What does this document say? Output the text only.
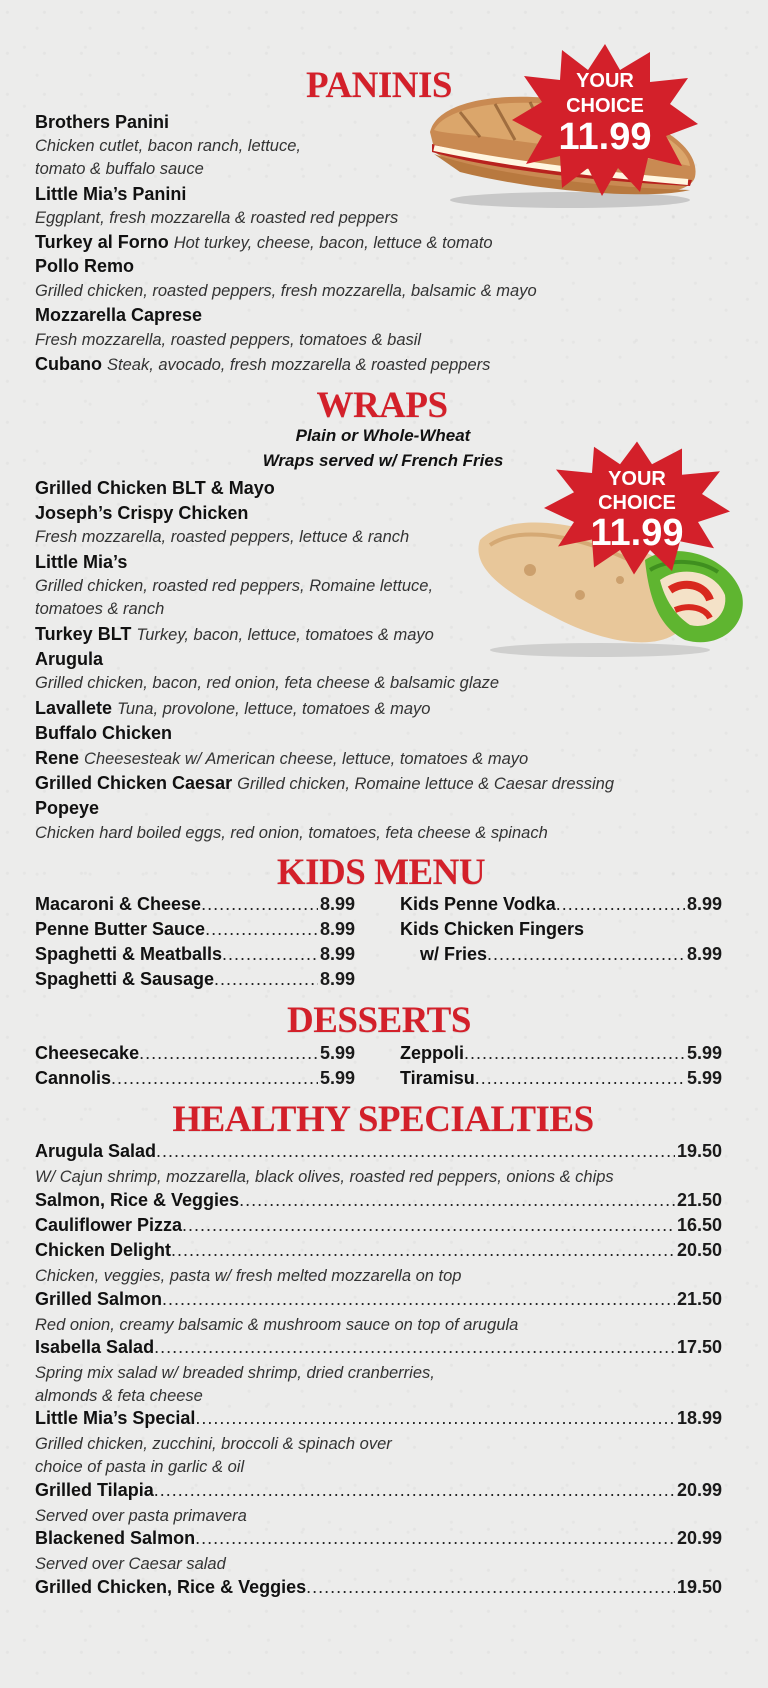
YOUR
CHOICE
11.99
YOUR
CHOICE
11.99
PANINIS
Brothers Panini
Chicken cutlet, bacon ranch, lettuce,
tomato & buffalo sauce
Little Mia’s Panini
Eggplant, fresh mozzarella & roasted red peppers
Turkey al Forno Hot turkey, cheese, bacon, lettuce & tomato
Pollo Remo
Grilled chicken, roasted peppers, fresh mozzarella, balsamic & mayo
Mozzarella Caprese
Fresh mozzarella, roasted peppers, tomatoes & basil
Cubano Steak, avocado, fresh mozzarella & roasted peppers
WRAPS
Plain or Whole-Wheat
Wraps served w/ French Fries
Grilled Chicken BLT & Mayo
Joseph’s Crispy Chicken
Fresh mozzarella, roasted peppers, lettuce & ranch
Little Mia’s
Grilled chicken, roasted red peppers, Romaine lettuce,
tomatoes & ranch
Turkey BLT Turkey, bacon, lettuce, tomatoes & mayo
Arugula
Grilled chicken, bacon, red onion, feta cheese & balsamic glaze
Lavallete Tuna, provolone, lettuce, tomatoes & mayo
Buffalo Chicken
Rene Cheesesteak w/ American cheese, lettuce, tomatoes & mayo
Grilled Chicken Caesar Grilled chicken, Romaine lettuce & Caesar dressing
Popeye
Chicken hard boiled eggs, red onion, tomatoes, feta cheese & spinach
KIDS MENU
Macaroni & Cheese .....	8.99
Penne Butter Sauce .....	8.99
Spaghetti & Meatballs .....	8.99
Spaghetti & Sausage .....	8.99
Kids Penne Vodka .....	8.99
Kids Chicken Fingers
w/ Fries .....	8.99
DESSERTS
Cheesecake .....	5.99
Cannolis .....	5.99
Zeppoli .....	5.99
Tiramisu .....	5.99
HEALTHY SPECIALTIES
Arugula Salad .....	19.50
W/ Cajun shrimp, mozzarella, black olives, roasted red peppers, onions & chips
Salmon, Rice & Veggies .....	21.50
Cauliflower Pizza .....	16.50
Chicken Delight .....	20.50
Chicken, veggies, pasta w/ fresh melted mozzarella on top
Grilled Salmon .....	21.50
Red onion, creamy balsamic & mushroom sauce on top of arugula
Isabella Salad .....	17.50
Spring mix salad w/ breaded shrimp, dried cranberries,
almonds & feta cheese
Little Mia’s Special .....	18.99
Grilled chicken, zucchini, broccoli & spinach over
choice of pasta in garlic & oil
Grilled Tilapia .....	20.99
Served over pasta primavera
Blackened Salmon .....	20.99
Served over Caesar salad
Grilled Chicken, Rice & Veggies .....	19.50
